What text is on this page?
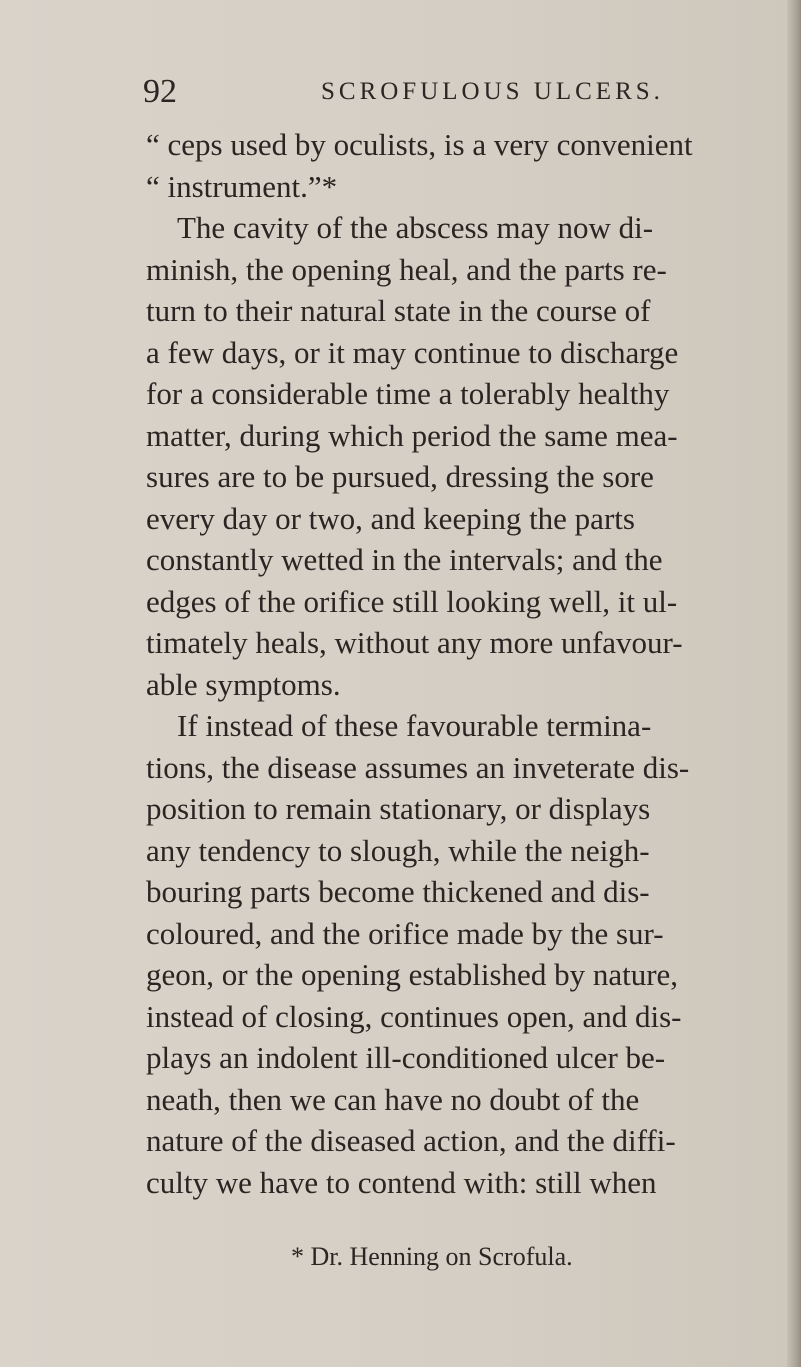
92	SCROFULOUS ULCERS.
“ ceps used by oculists, is a very convenient
“ instrument.”*
The cavity of the abscess may now di-
minish, the opening heal, and the parts re-
turn to their natural state in the course of
a few days, or it may continue to discharge
for a considerable time a tolerably healthy
matter, during which period the same mea-
sures are to be pursued, dressing the sore
every day or two, and keeping the parts
constantly wetted in the intervals; and the
edges of the orifice still looking well, it ul-
timately heals, without any more unfavour-
able symptoms.
If instead of these favourable termina-
tions, the disease assumes an inveterate dis-
position to remain stationary, or displays
any tendency to slough, while the neigh-
bouring parts become thickened and dis-
coloured, and the orifice made by the sur-
geon, or the opening established by nature,
instead of closing, continues open, and dis-
plays an indolent ill-conditioned ulcer be-
neath, then we can have no doubt of the
nature of the diseased action, and the diffi-
culty we have to contend with: still when
* Dr. Henning on Scrofula.
